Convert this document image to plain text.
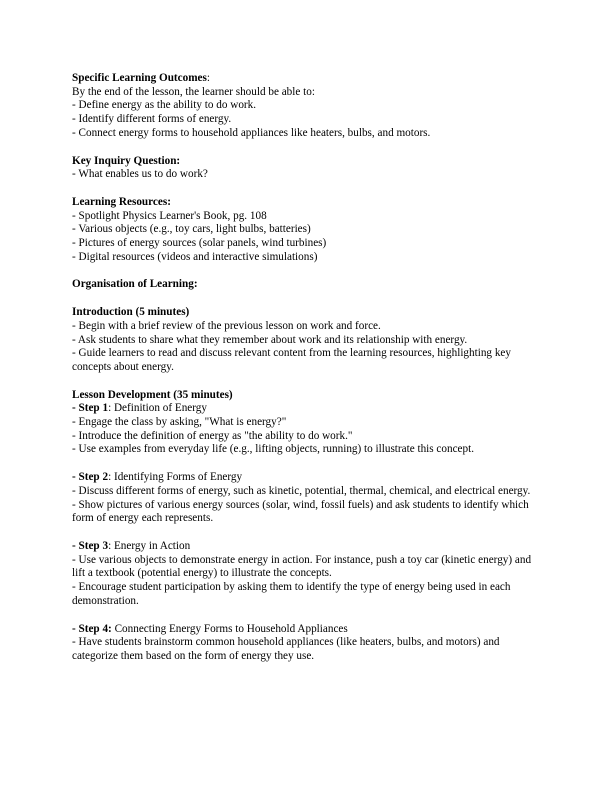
Specific Learning Outcomes:

By the end of the lesson, the learner should be able to:

- Define energy as the ability to do work.

- Identify different forms of energy.

- Connect energy forms to household appliances like heaters, bulbs, and motors.

Key Inquiry Question:

- What enables us to do work?

Learning Resources:

- Spotlight Physics Learner's Book, pg. 108

- Various objects (e.g., toy cars, light bulbs, batteries)

- Pictures of energy sources (solar panels, wind turbines)

- Digital resources (videos and interactive simulations)

Organisation of Learning:

Introduction (5 minutes)

- Begin with a brief review of the previous lesson on work and force.

- Ask students to share what they remember about work and its relationship with energy.

- Guide learners to read and discuss relevant content from the learning resources, highlighting key concepts about energy.

Lesson Development (35 minutes)

- Step 1: Definition of Energy

- Engage the class by asking, "What is energy?"

- Introduce the definition of energy as "the ability to do work."

- Use examples from everyday life (e.g., lifting objects, running) to illustrate this concept.

- Step 2: Identifying Forms of Energy

- Discuss different forms of energy, such as kinetic, potential, thermal, chemical, and electrical energy.

- Show pictures of various energy sources (solar, wind, fossil fuels) and ask students to identify which form of energy each represents.

- Step 3: Energy in Action

- Use various objects to demonstrate energy in action. For instance, push a toy car (kinetic energy) and lift a textbook (potential energy) to illustrate the concepts.

- Encourage student participation by asking them to identify the type of energy being used in each demonstration.

- Step 4: Connecting Energy Forms to Household Appliances

- Have students brainstorm common household appliances (like heaters, bulbs, and motors) and categorize them based on the form of energy they use.
